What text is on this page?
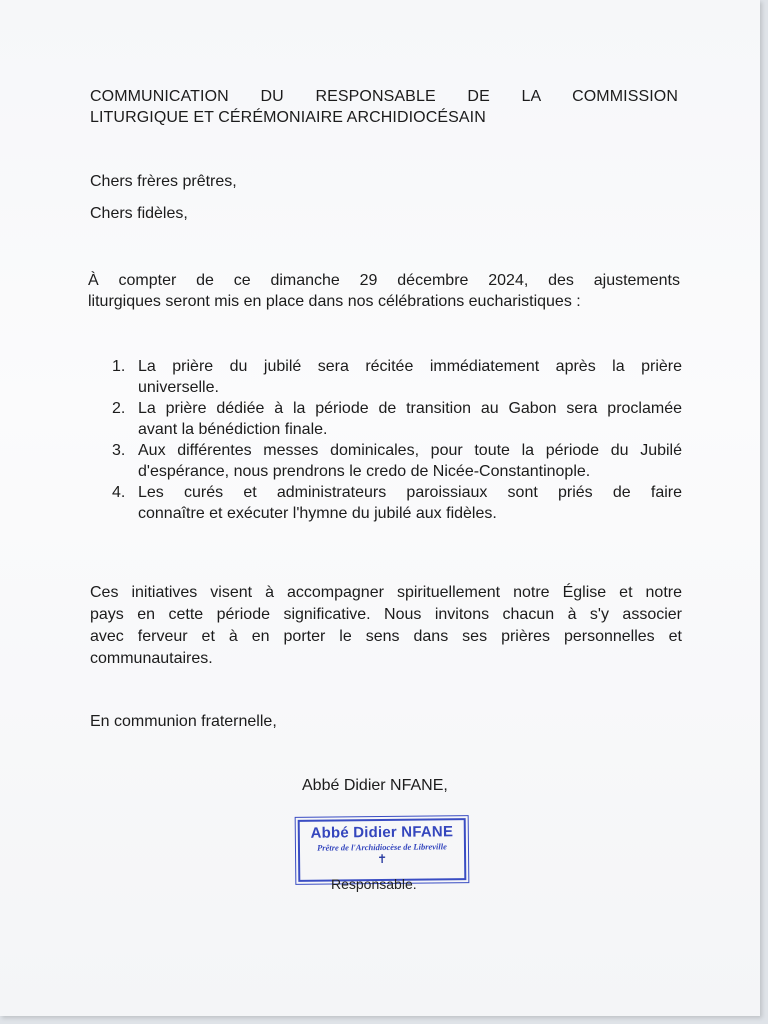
COMMUNICATION DU RESPONSABLE DE LA COMMISSION
LITURGIQUE ET CÉRÉMONIAIRE ARCHIDIOCÉSAIN

Chers frères prêtres,

Chers fidèles,

À compter de ce dimanche 29 décembre 2024, des ajustements
liturgiques seront mis en place dans nos célébrations eucharistiques :

1. La prière du jubilé sera récitée immédiatement après la prière
universelle.
2. La prière dédiée à la période de transition au Gabon sera proclamée
avant la bénédiction finale.
3. Aux différentes messes dominicales, pour toute la période du Jubilé
d'espérance, nous prendrons le credo de Nicée-Constantinople.
4. Les curés et administrateurs paroissiaux sont priés de faire
connaître et exécuter l'hymne du jubilé aux fidèles.

Ces initiatives visent à accompagner spirituellement notre Église et notre
pays en cette période significative. Nous invitons chacun à s'y associer
avec ferveur et à en porter le sens dans ses prières personnelles et
communautaires.

En communion fraternelle,

Abbé Didier NFANE,

Abbé Didier NFANE
Prêtre de l'Archidiocèse de Libreville
✝

Responsable.
